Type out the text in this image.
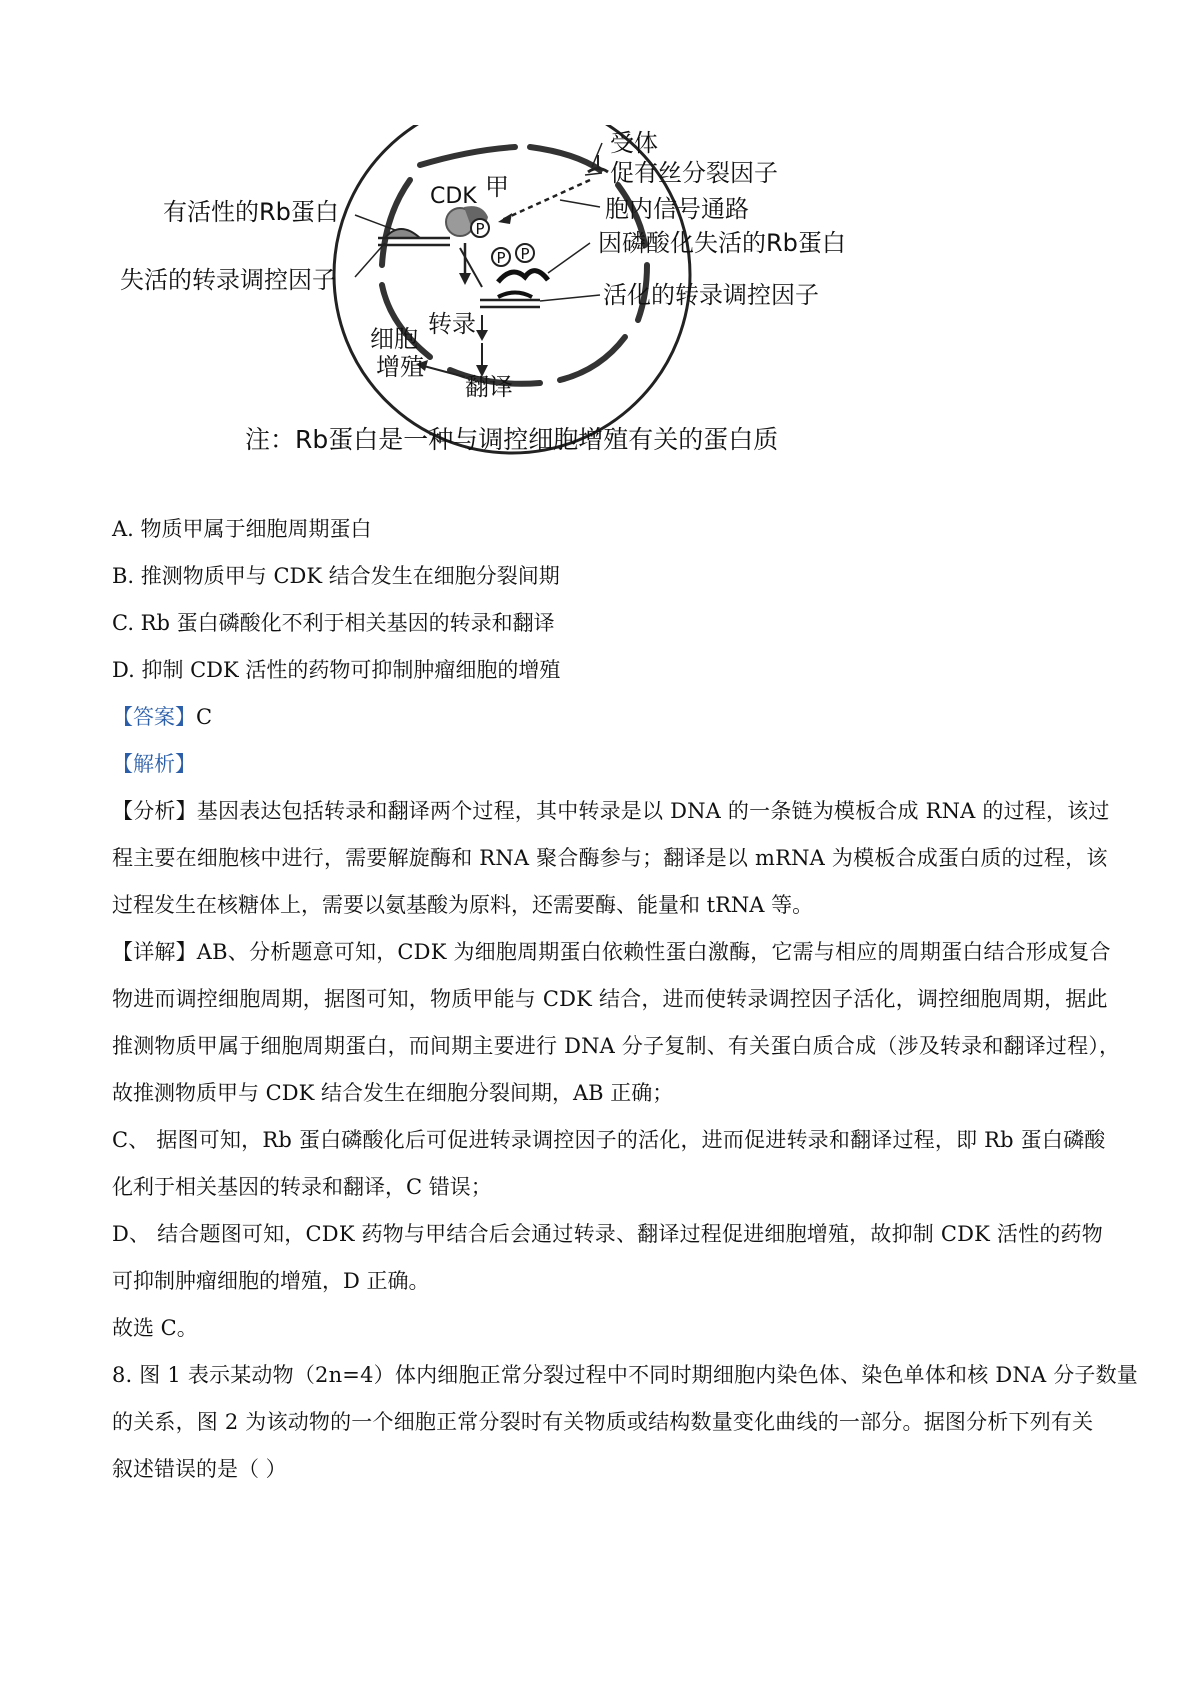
P
P P
受体
促有丝分裂因子
胞内信号通路
CDK 甲
有活性的Rb蛋白
失活的转录调控因子
因磷酸化失活的Rb蛋白
活化的转录调控因子
转录
细胞
增殖
翻译
注：Rb蛋白是一种与调控细胞增殖有关的蛋白质
A. 物质甲属于细胞周期蛋白
B. 推测物质甲与 CDK 结合发生在细胞分裂间期
C. Rb 蛋白磷酸化不利于相关基因的转录和翻译
D. 抑制 CDK 活性的药物可抑制肿瘤细胞的增殖
【答案】C
【解析】
【分析】基因表达包括转录和翻译两个过程，其中转录是以 DNA 的一条链为模板合成 RNA 的过程，该过
程主要在细胞核中进行，需要解旋酶和 RNA 聚合酶参与；翻译是以 mRNA 为模板合成蛋白质的过程，该
过程发生在核糖体上，需要以氨基酸为原料，还需要酶、能量和 tRNA 等。
【详解】AB、分析题意可知，CDK 为细胞周期蛋白依赖性蛋白激酶，它需与相应的周期蛋白结合形成复合
物进而调控细胞周期，据图可知，物质甲能与 CDK 结合，进而使转录调控因子活化，调控细胞周期，据此
推测物质甲属于细胞周期蛋白，而间期主要进行 DNA 分子复制、有关蛋白质合成（涉及转录和翻译过程），
故推测物质甲与 CDK 结合发生在细胞分裂间期，AB 正确；
C、 据图可知，Rb 蛋白磷酸化后可促进转录调控因子的活化，进而促进转录和翻译过程，即 Rb 蛋白磷酸
化利于相关基因的转录和翻译，C 错误；
D、 结合题图可知，CDK 药物与甲结合后会通过转录、翻译过程促进细胞增殖，故抑制 CDK 活性的药物
可抑制肿瘤细胞的增殖，D 正确。
故选 C。
8. 图 1 表示某动物（2n=4）体内细胞正常分裂过程中不同时期细胞内染色体、染色单体和核 DNA 分子数量
的关系，图 2 为该动物的一个细胞正常分裂时有关物质或结构数量变化曲线的一部分。据图分析下列有关
叙述错误的是（ ）
